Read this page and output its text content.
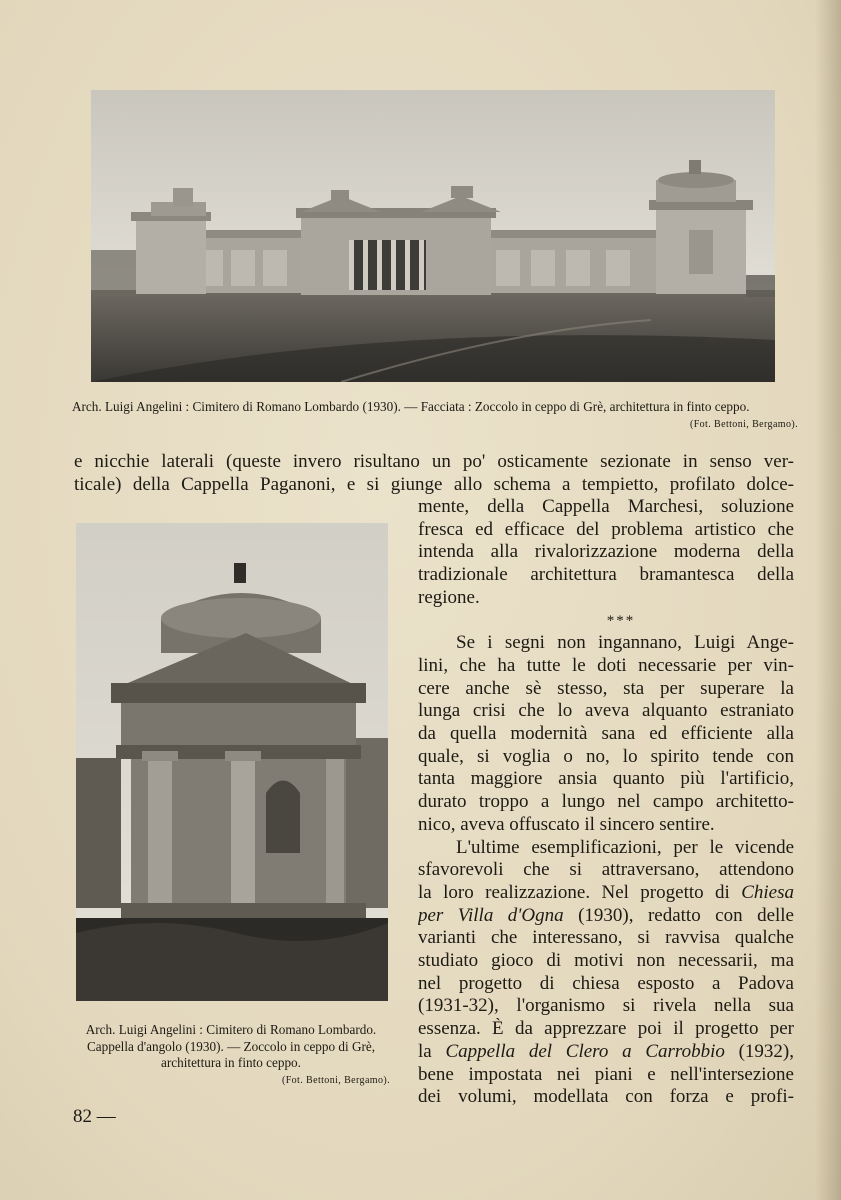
Arch. Luigi Angelini : Cimitero di Romano Lombardo (1930). — Facciata : Zoccolo in ceppo di Grè, architettura in finto ceppo.
(Fot. Bettoni, Bergamo).
e nicchie laterali (queste invero risultano un po' osticamente sezionate in senso ver-
ticale) della Cappella Paganoni, e si giunge allo schema a tempietto, profilato dolce-
mente, della Cappella Marchesi, soluzione
fresca ed efficace del problema artistico che
intenda alla rivalorizzazione moderna della
tradizionale architettura bramantesca della
regione.
***
Se i segni non ingannano, Luigi Ange-
lini, che ha tutte le doti necessarie per vin-
cere anche sè stesso, sta per superare la
lunga crisi che lo aveva alquanto estraniato
da quella modernità sana ed efficiente alla
quale, si voglia o no, lo spirito tende con
tanta maggiore ansia quanto più l'artificio,
durato troppo a lungo nel campo architetto-
nico, aveva offuscato il sincero sentire.
L'ultime esemplificazioni, per le vicende
sfavorevoli che si attraversano, attendono
la loro realizzazione. Nel progetto di Chiesa
per Villa d'Ogna (1930), redatto con delle
varianti che interessano, si ravvisa qualche
studiato gioco di motivi non necessarii, ma
nel progetto di chiesa esposto a Padova
(1931-32), l'organismo si rivela nella sua
essenza. È da apprezzare poi il progetto per
la Cappella del Clero a Carrobbio (1932),
bene impostata nei piani e nell'intersezione
dei volumi, modellata con forza e profi-
Arch. Luigi Angelini : Cimitero di Romano Lombardo.
Cappella d'angolo (1930). — Zoccolo in ceppo di Grè,
architettura in finto ceppo.
(Fot. Bettoni, Bergamo).
82 —
